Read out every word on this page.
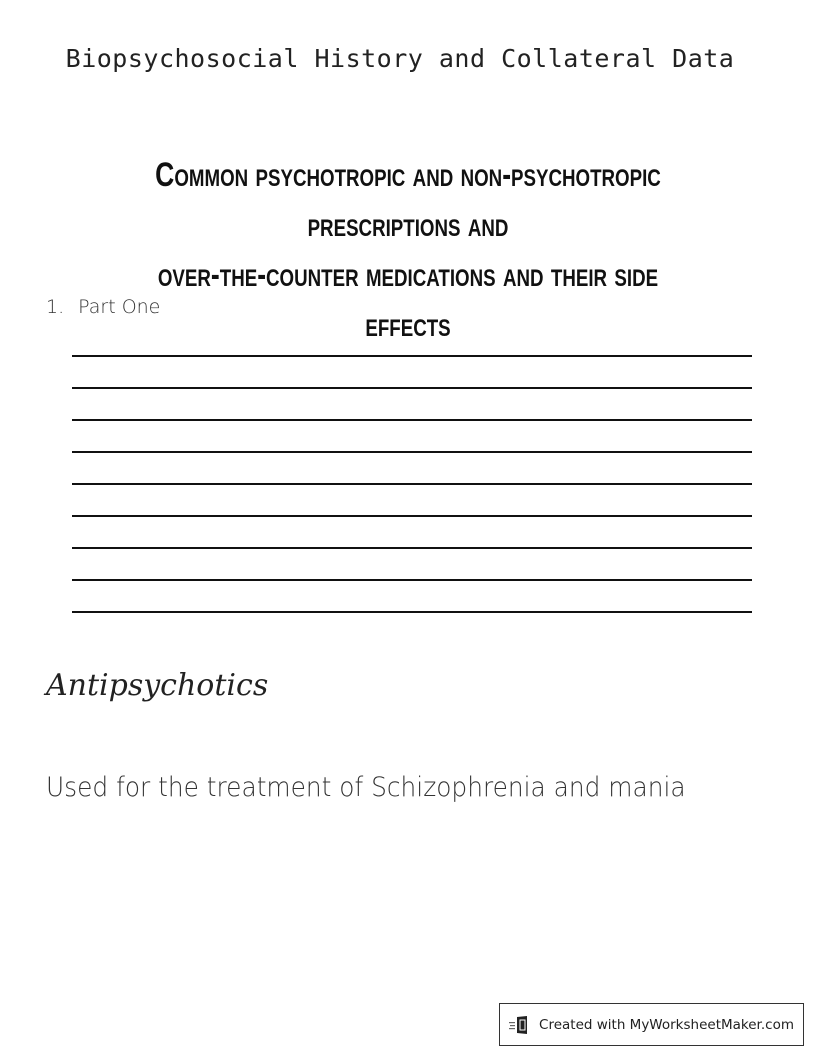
Biopsychosocial History and Collateral Data
Common psychotropic and non-psychotropic prescriptions and
over-the-counter medications and their side effects
1. Part One
Antipsychotics
Used for the treatment of Schizophrenia and mania
Created with MyWorksheetMaker.com
